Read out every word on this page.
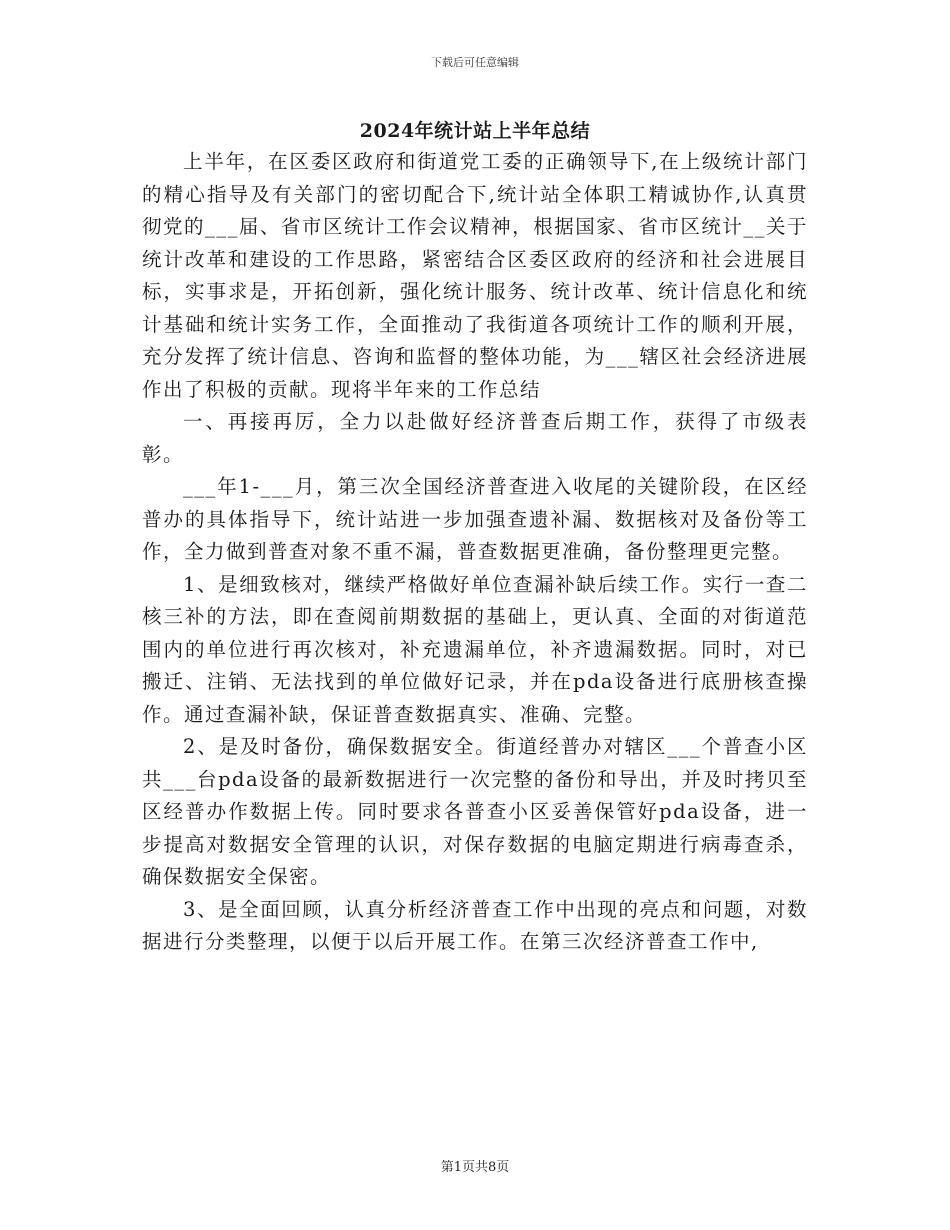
下载后可任意编辑
2024年统计站上半年总结

上半年，在区委区政府和街道党工委的正确领导下,在上级统计部门的精心指导及有关部门的密切配合下,统计站全体职工精诚协作,认真贯彻党的___届、省市区统计工作会议精神，根据国家、省市区统计__关于统计改革和建设的工作思路，紧密结合区委区政府的经济和社会进展目标，实事求是，开拓创新，强化统计服务、统计改革、统计信息化和统计基础和统计实务工作，全面推动了我街道各项统计工作的顺利开展，充分发挥了统计信息、咨询和监督的整体功能，为___辖区社会经济进展作出了积极的贡献。现将半年来的工作总结

一、再接再厉，全力以赴做好经济普查后期工作，获得了市级表彰。

___年1-___月，第三次全国经济普查进入收尾的关键阶段，在区经普办的具体指导下，统计站进一步加强查遗补漏、数据核对及备份等工作，全力做到普查对象不重不漏，普查数据更准确，备份整理更完整。

1、是细致核对，继续严格做好单位查漏补缺后续工作。实行一查二核三补的方法，即在查阅前期数据的基础上，更认真、全面的对街道范围内的单位进行再次核对，补充遗漏单位，补齐遗漏数据。同时，对已搬迁、注销、无法找到的单位做好记录，并在pda设备进行底册核查操作。通过查漏补缺，保证普查数据真实、准确、完整。

2、是及时备份，确保数据安全。街道经普办对辖区___个普查小区共___台pda设备的最新数据进行一次完整的备份和导出，并及时拷贝至区经普办作数据上传。同时要求各普查小区妥善保管好pda设备，进一步提高对数据安全管理的认识，对保存数据的电脑定期进行病毒查杀，确保数据安全保密。

3、是全面回顾，认真分析经济普查工作中出现的亮点和问题，对数据进行分类整理，以便于以后开展工作。在第三次经济普查工作中,

第1页共8页
